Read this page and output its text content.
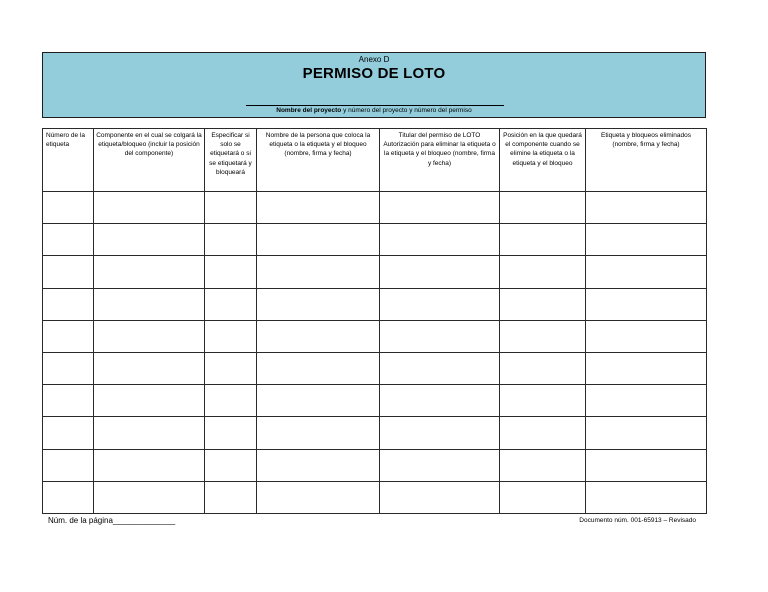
Anexo D
PERMISO DE LOTO
Nombre del proyecto y número del proyecto y número del permiso
Número de la etiqueta	Componente en el cual se colgará la etiqueta/bloqueo (incluir la posición del componente)	Especificar si solo se etiquetará o si se etiquetará y bloqueará	Nombre de la persona que coloca la etiqueta o la etiqueta y el bloqueo (nombre, firma y fecha)	Titular del permiso de LOTO Autorización para eliminar la etiqueta o la etiqueta y el bloqueo (nombre, firma y fecha)	Posición en la que quedará el componente cuando se elimine la etiqueta o la etiqueta y el bloqueo	Etiqueta y bloqueos eliminados (nombre, firma y fecha)

Núm. de la página______________	Documento núm. 001-65913 – Revisado
